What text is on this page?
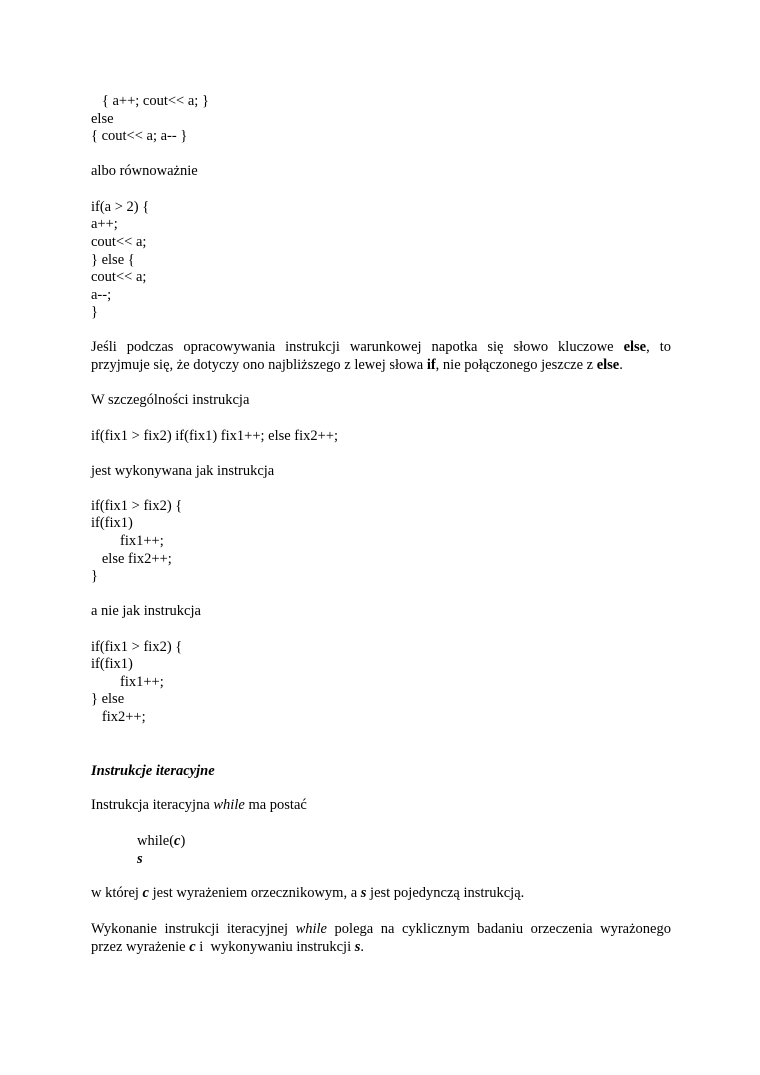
{ a++; cout<< a; }
else
{ cout<< a; a-- }
albo równoważnie
if(a > 2) {
a++;
cout<< a;
} else {
cout<< a;
a--;
}
Jeśli podczas opracowywania instrukcji warunkowej napotka się słowo kluczowe else, to
przyjmuje się, że dotyczy ono najbliższego z lewej słowa if, nie połączonego jeszcze z else.
W szczególności instrukcja
if(fix1 > fix2) if(fix1) fix1++; else fix2++;
jest wykonywana jak instrukcja
if(fix1 > fix2) {
if(fix1)
fix1++;
else fix2++;
}
a nie jak instrukcja
if(fix1 > fix2) {
if(fix1)
fix1++;
} else
fix2++;
Instrukcje iteracyjne
Instrukcja iteracyjna while ma postać
while(c)
s
w której c jest wyrażeniem orzecznikowym, a s jest pojedynczą instrukcją.
Wykonanie instrukcji iteracyjnej while polega na cyklicznym badaniu orzeczenia wyrażonego
przez wyrażenie c i  wykonywaniu instrukcji s.
